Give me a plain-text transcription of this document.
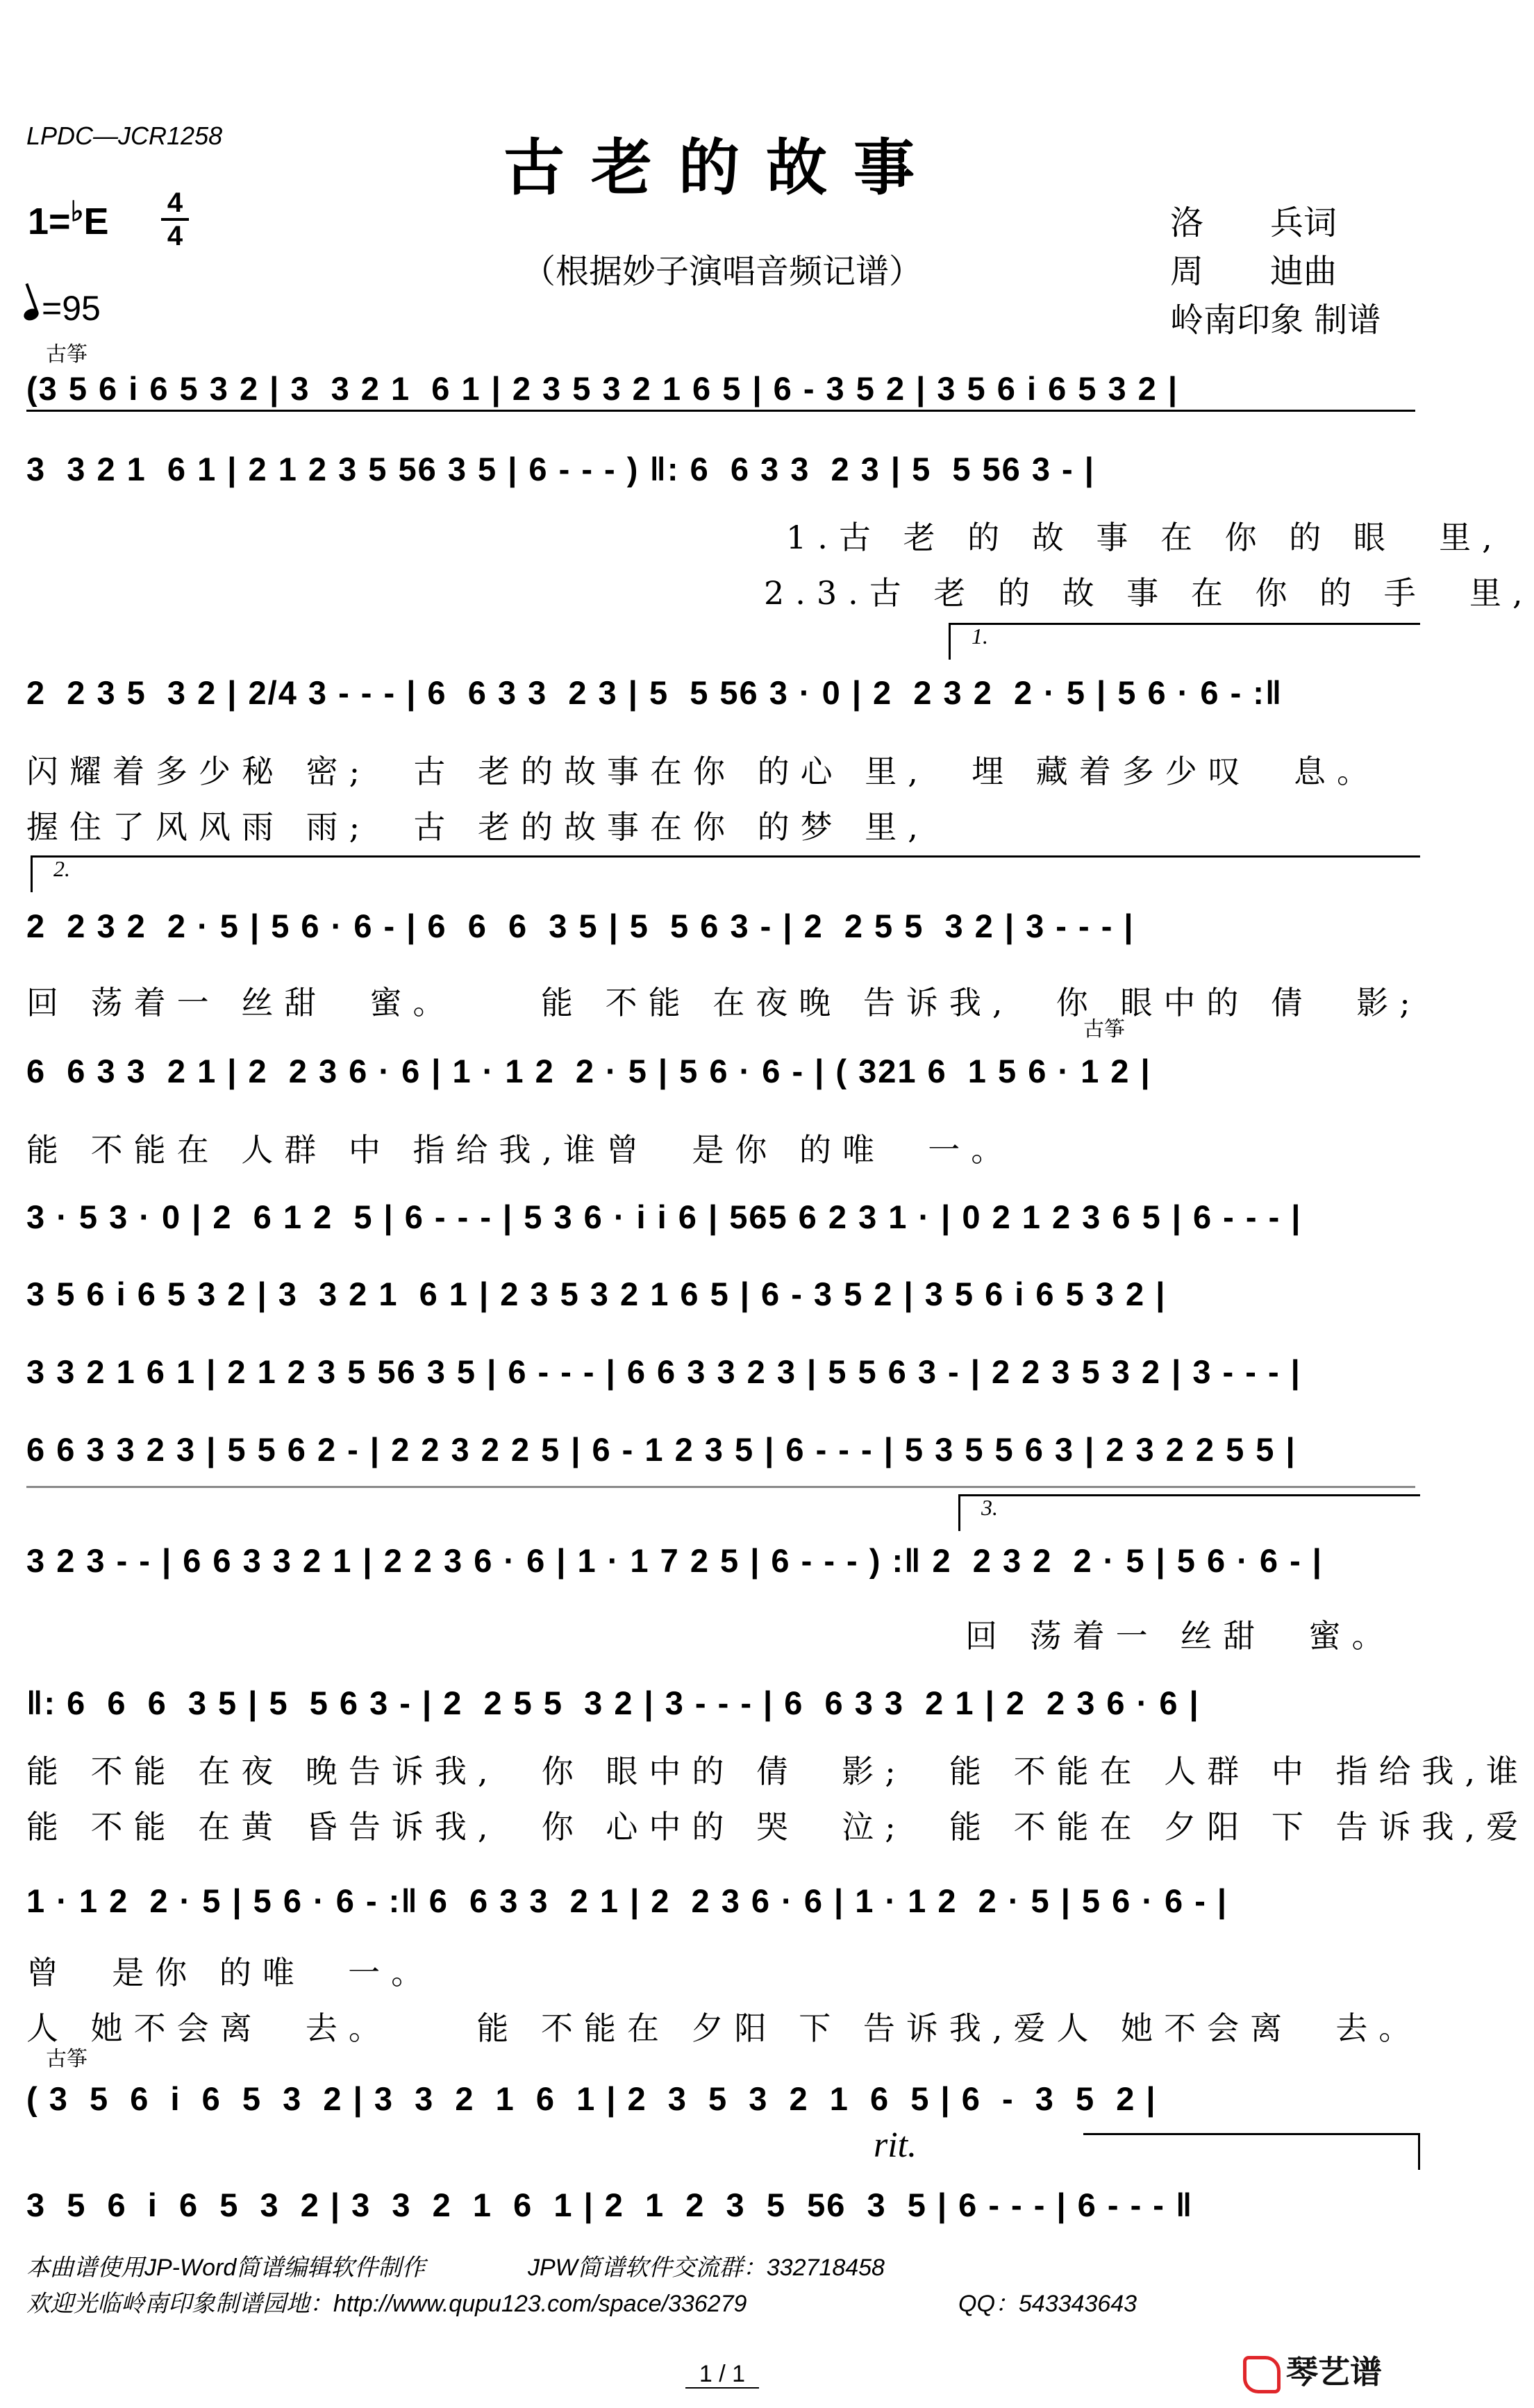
LPDC—JCR1258	古老的故事
（根据妙子演唱音频记谱）
洛　　兵词
周　　迪曲
岭南印象 制谱
1=♭E 4
4
=95
古筝
古筝
古筝
1.
2.
3.
rit.
(3 5 6 i 6 5 3 2 | 3  3 2 1  6 1 | 2 3 5 3 2 1 6 5 | 6 - 3 5 2 | 3 5 6 i 6 5 3 2 |
3  3 2 1  6 1 | 2 1 2 3 5 56 3 5 | 6 - - - ) ‖: 6  6 3 3  2 3 | 5  5 56 3 - |
2  2 3 5  3 2 | 2/4 3 - - - | 6  6 3 3  2 3 | 5  5 56 3 · 0 | 2  2 3 2  2 · 5 | 5 6 · 6 - :‖
2  2 3 2  2 · 5 | 5 6 · 6 - | 6  6  6  3 5 | 5  5 6 3 - | 2  2 5 5  3 2 | 3 - - - |
6  6 3 3  2 1 | 2  2 3 6 · 6 | 1 · 1 2  2 · 5 | 5 6 · 6 - | ( 321 6  1 5 6 · 1 2 |
3 · 5 3 · 0 | 2  6 1 2  5 | 6 - - - | 5 3 6 · i i 6 | 565 6 2 3 1 · | 0 2 1 2 3 6 5 | 6 - - - |
3 5 6 i 6 5 3 2 | 3  3 2 1  6 1 | 2 3 5 3 2 1 6 5 | 6 - 3 5 2 | 3 5 6 i 6 5 3 2 |
3 3 2 1 6 1 | 2 1 2 3 5 56 3 5 | 6 - - - | 6 6 3 3 2 3 | 5 5 6 3 - | 2 2 3 5 3 2 | 3 - - - |
6 6 3 3 2 3 | 5 5 6 2 - | 2 2 3 2 2 5 | 6 - 1 2 3 5 | 6 - - - | 5 3 5 5 6 3 | 2 3 2 2 5 5 |
3 2 3 - - | 6 6 3 3 2 1 | 2 2 3 6 · 6 | 1 · 1 7 2 5 | 6 - - - ) :‖ 2  2 3 2  2 · 5 | 5 6 · 6 - |
‖: 6  6  6  3 5 | 5  5 6 3 - | 2  2 5 5  3 2 | 3 - - - | 6  6 3 3  2 1 | 2  2 3 6 · 6 |
1 · 1 2  2 · 5 | 5 6 · 6 - :‖ 6  6 3 3  2 1 | 2  2 3 6 · 6 | 1 · 1 2  2 · 5 | 5 6 · 6 - |
( 3  5  6  i  6  5  3  2 | 3  3  2  1  6  1 | 2  3  5  3  2  1  6  5 | 6  -  3  5  2 |
3  5  6  i  6  5  3  2 | 3  3  2  1  6  1 | 2  1  2  3  5  56  3  5 | 6 - - - | 6 - - - ‖
1.古 老 的 故 事 在 你 的 眼  里,
2.3.古 老 的 故 事 在 你 的 手  里,
闪耀着多少秘 密;  古 老的故事在你 的心 里,  埋 藏着多少叹  息。
握住了风风雨 雨;  古 老的故事在你 的梦 里,
回 荡着一 丝甜  蜜。    能 不能 在夜晚 告诉我,  你 眼中的 倩  影;
能 不能在 人群 中 指给我,谁曾  是你 的唯  一。
回 荡着一 丝甜  蜜。
能 不能 在夜 晚告诉我,  你 眼中的 倩  影;  能 不能在 人群 中 指给我,谁
能 不能 在黄 昏告诉我,  你 心中的 哭  泣;  能 不能在 夕阳 下 告诉我,爱
曾  是你 的唯  一。
人 她不会离  去。    能 不能在 夕阳 下 告诉我,爱人 她不会离  去。
本曲谱使用JP-Word简谱编辑软件制作	JPW简谱软件交流群：332718458
欢迎光临岭南印象制谱园地：http://www.qupu123.com/space/336279	QQ：543343643
1 / 1	琴艺谱
